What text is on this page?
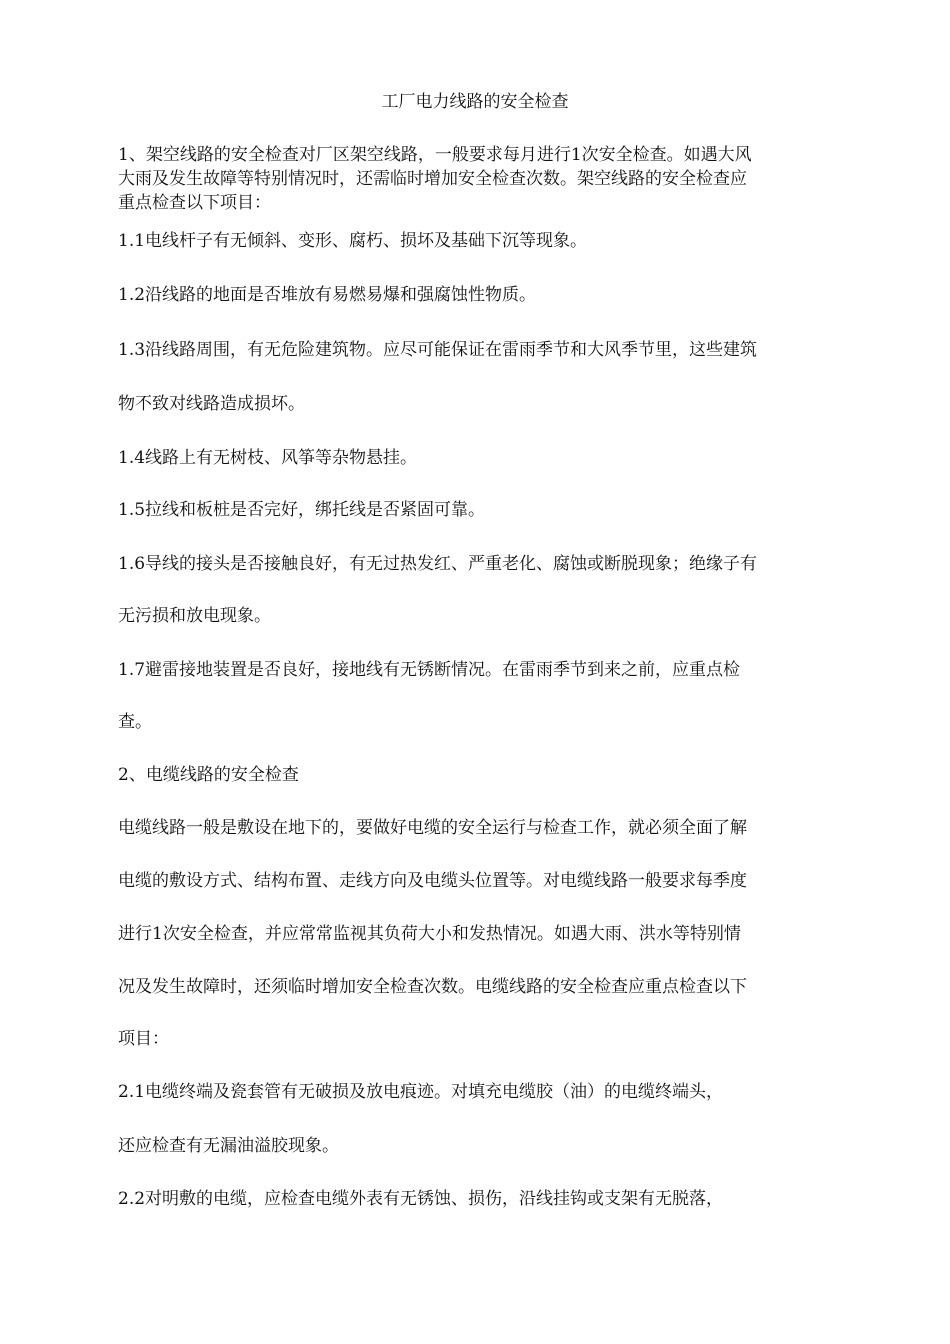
工厂电力线路的安全检查
1、架空线路的安全检查对厂区架空线路，一般要求每月进行1次安全检查。如遇大风
大雨及发生故障等特别情况时，还需临时增加安全检查次数。架空线路的安全检查应
重点检查以下项目：
1.1电线杆子有无倾斜、变形、腐朽、损坏及基础下沉等现象。
1.2沿线路的地面是否堆放有易燃易爆和强腐蚀性物质。
1.3沿线路周围，有无危险建筑物。应尽可能保证在雷雨季节和大风季节里，这些建筑
物不致对线路造成损坏。
1.4线路上有无树枝、风筝等杂物悬挂。
1.5拉线和板桩是否完好，绑托线是否紧固可靠。
1.6导线的接头是否接触良好，有无过热发红、严重老化、腐蚀或断脱现象；绝缘子有
无污损和放电现象。
1.7避雷接地装置是否良好，接地线有无锈断情况。在雷雨季节到来之前，应重点检
查。
2、电缆线路的安全检查
电缆线路一般是敷设在地下的，要做好电缆的安全运行与检查工作，就必须全面了解
电缆的敷设方式、结构布置、走线方向及电缆头位置等。对电缆线路一般要求每季度
进行1次安全检查，并应常常监视其负荷大小和发热情况。如遇大雨、洪水等特别情
况及发生故障时，还须临时增加安全检查次数。电缆线路的安全检查应重点检查以下
项目：
2.1电缆终端及瓷套管有无破损及放电痕迹。对填充电缆胶（油）的电缆终端头，
还应检查有无漏油溢胶现象。
2.2对明敷的电缆，应检查电缆外表有无锈蚀、损伤，沿线挂钩或支架有无脱落，
